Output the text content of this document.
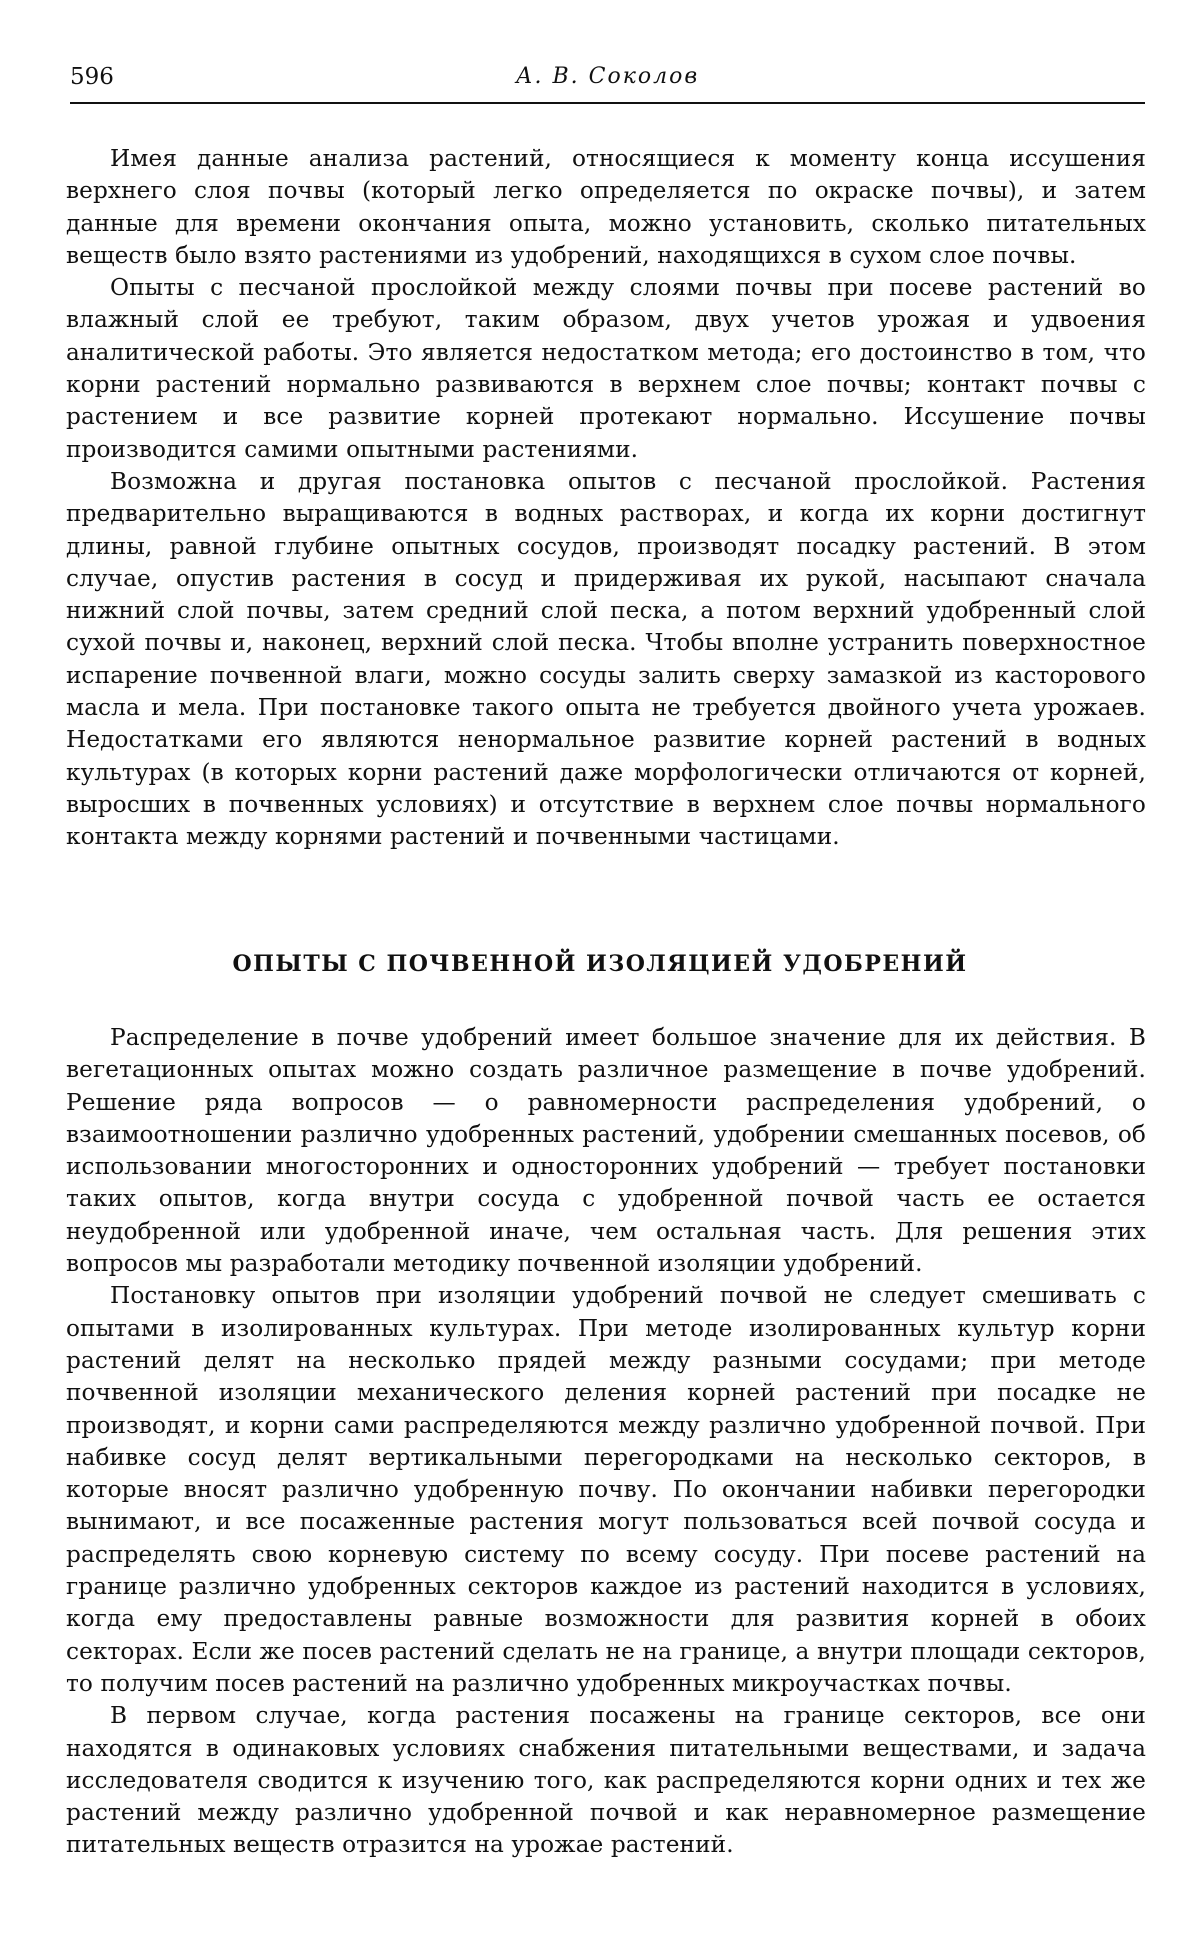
596	А. В. Соколов

Имея данные анализа растений, относящиеся к моменту конца иссушения верхнего слоя почвы (который легко определяется по окраске почвы), и затем данные для времени окончания опыта, можно установить, сколько питательных веществ было взято растениями из удобрений, находящихся в сухом слое почвы.

Опыты с песчаной прослойкой между слоями почвы при посеве растений во влажный слой ее требуют, таким образом, двух учетов урожая и удвоения аналитической работы. Это является недостатком метода; его достоинство в том, что корни растений нормально развиваются в верхнем слое почвы; контакт почвы с растением и все развитие корней протекают нормально. Иссушение почвы производится самими опытными растениями.

Возможна и другая постановка опытов с песчаной прослойкой. Растения предварительно выращиваются в водных растворах, и когда их корни достигнут длины, равной глубине опытных сосудов, производят посадку растений. В этом случае, опустив растения в сосуд и придерживая их рукой, насыпают сначала нижний слой почвы, затем средний слой песка, а потом верхний удобренный слой сухой почвы и, наконец, верхний слой песка. Чтобы вполне устранить поверхностное испарение почвенной влаги, можно сосуды залить сверху замазкой из касторового масла и мела. При постановке такого опыта не требуется двойного учета урожаев. Недостатками его являются ненормальное развитие корней растений в водных культурах (в которых корни растений даже морфологически отличаются от корней, выросших в почвенных условиях) и отсутствие в верхнем слое почвы нормального контакта между корнями растений и почвенными частицами.

ОПЫТЫ С ПОЧВЕННОЙ ИЗОЛЯЦИЕЙ УДОБРЕНИЙ

Распределение в почве удобрений имеет большое значение для их действия. В вегетационных опытах можно создать различное размещение в почве удобрений. Решение ряда вопросов — о равномерности распределения удобрений, о взаимоотношении различно удобренных растений, удобрении смешанных посевов, об использовании многосторонних и односторонних удобрений — требует постановки таких опытов, когда внутри сосуда с удобренной почвой часть ее остается неудобренной или удобренной иначе, чем остальная часть. Для решения этих вопросов мы разработали методику почвенной изоляции удобрений.

Постановку опытов при изоляции удобрений почвой не следует смешивать с опытами в изолированных культурах. При методе изолированных культур корни растений делят на несколько прядей между разными сосудами; при методе почвенной изоляции механического деления корней растений при посадке не производят, и корни сами распределяются между различно удобренной почвой. При набивке сосуд делят вертикальными перегородками на несколько секторов, в которые вносят различно удобренную почву. По окончании набивки перегородки вынимают, и все посаженные растения могут пользоваться всей почвой сосуда и распределять свою корневую систему по всему сосуду. При посеве растений на границе различно удобренных секторов каждое из растений находится в условиях, когда ему предоставлены равные возможности для развития корней в обоих секторах. Если же посев растений сделать не на границе, а внутри площади секторов, то получим посев растений на различно удобренных микроучастках почвы.

В первом случае, когда растения посажены на границе секторов, все они находятся в одинаковых условиях снабжения питательными веществами, и задача исследователя сводится к изучению того, как распределяются корни одних и тех же растений между различно удобренной почвой и как неравномерное размещение питательных веществ отразится на урожае растений.
